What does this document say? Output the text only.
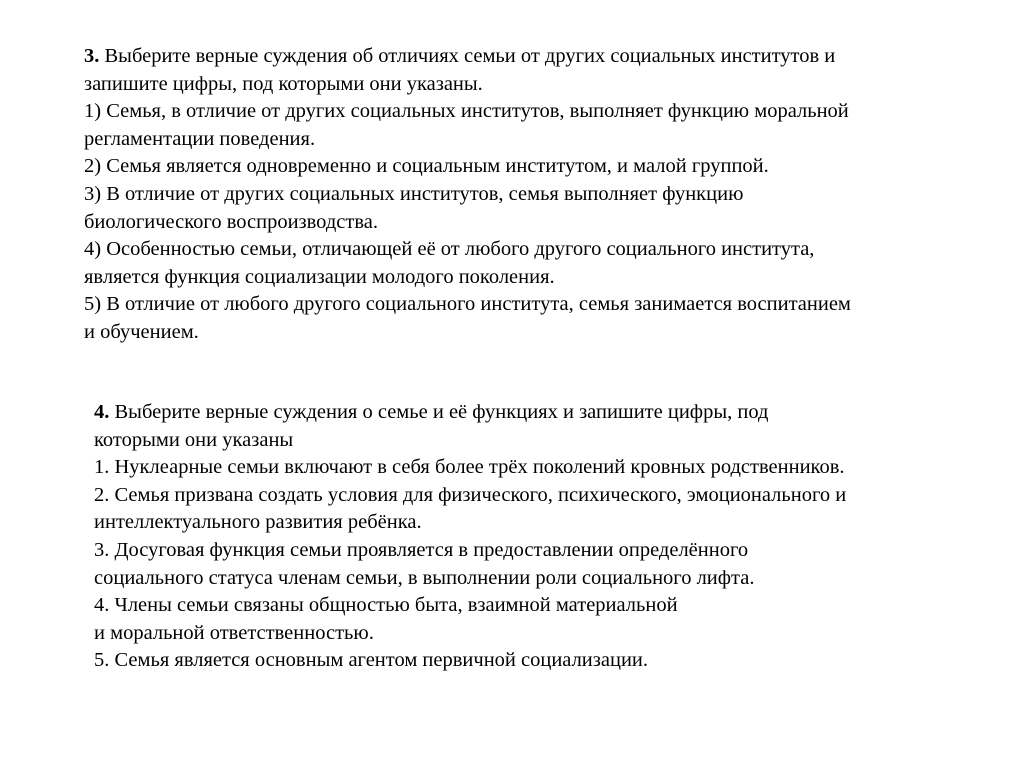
3. Выберите верные суждения об отличиях семьи от других социальных институтов и
запишите цифры, под которыми они указаны.
1) Семья, в отличие от других социальных институтов, выполняет функцию моральной
регламентации поведения.
2) Семья является одновременно и социальным институтом, и малой группой.
3) В отличие от других социальных институтов, семья выполняет функцию
биологического воспроизводства.
4) Особенностью семьи, отличающей её от любого другого социального института,
является функция социализации молодого поколения.
5) В отличие от любого другого социального института, семья занимается воспитанием
и обучением.
4. Выберите верные суждения о семье и её функциях и запишите цифры, под
которыми они указаны
1. Нуклеарные семьи включают в себя более трёх поколений кровных родственников.
2. Семья призвана создать условия для физического, психического, эмоционального и
интеллектуального развития ребёнка.
3. Досуговая функция семьи проявляется в предоставлении определённого
социального статуса членам семьи, в выполнении роли социального лифта.
4. Члены семьи связаны общностью быта, взаимной материальной
и моральной ответственностью.
5. Семья является основным агентом первичной социализации.
